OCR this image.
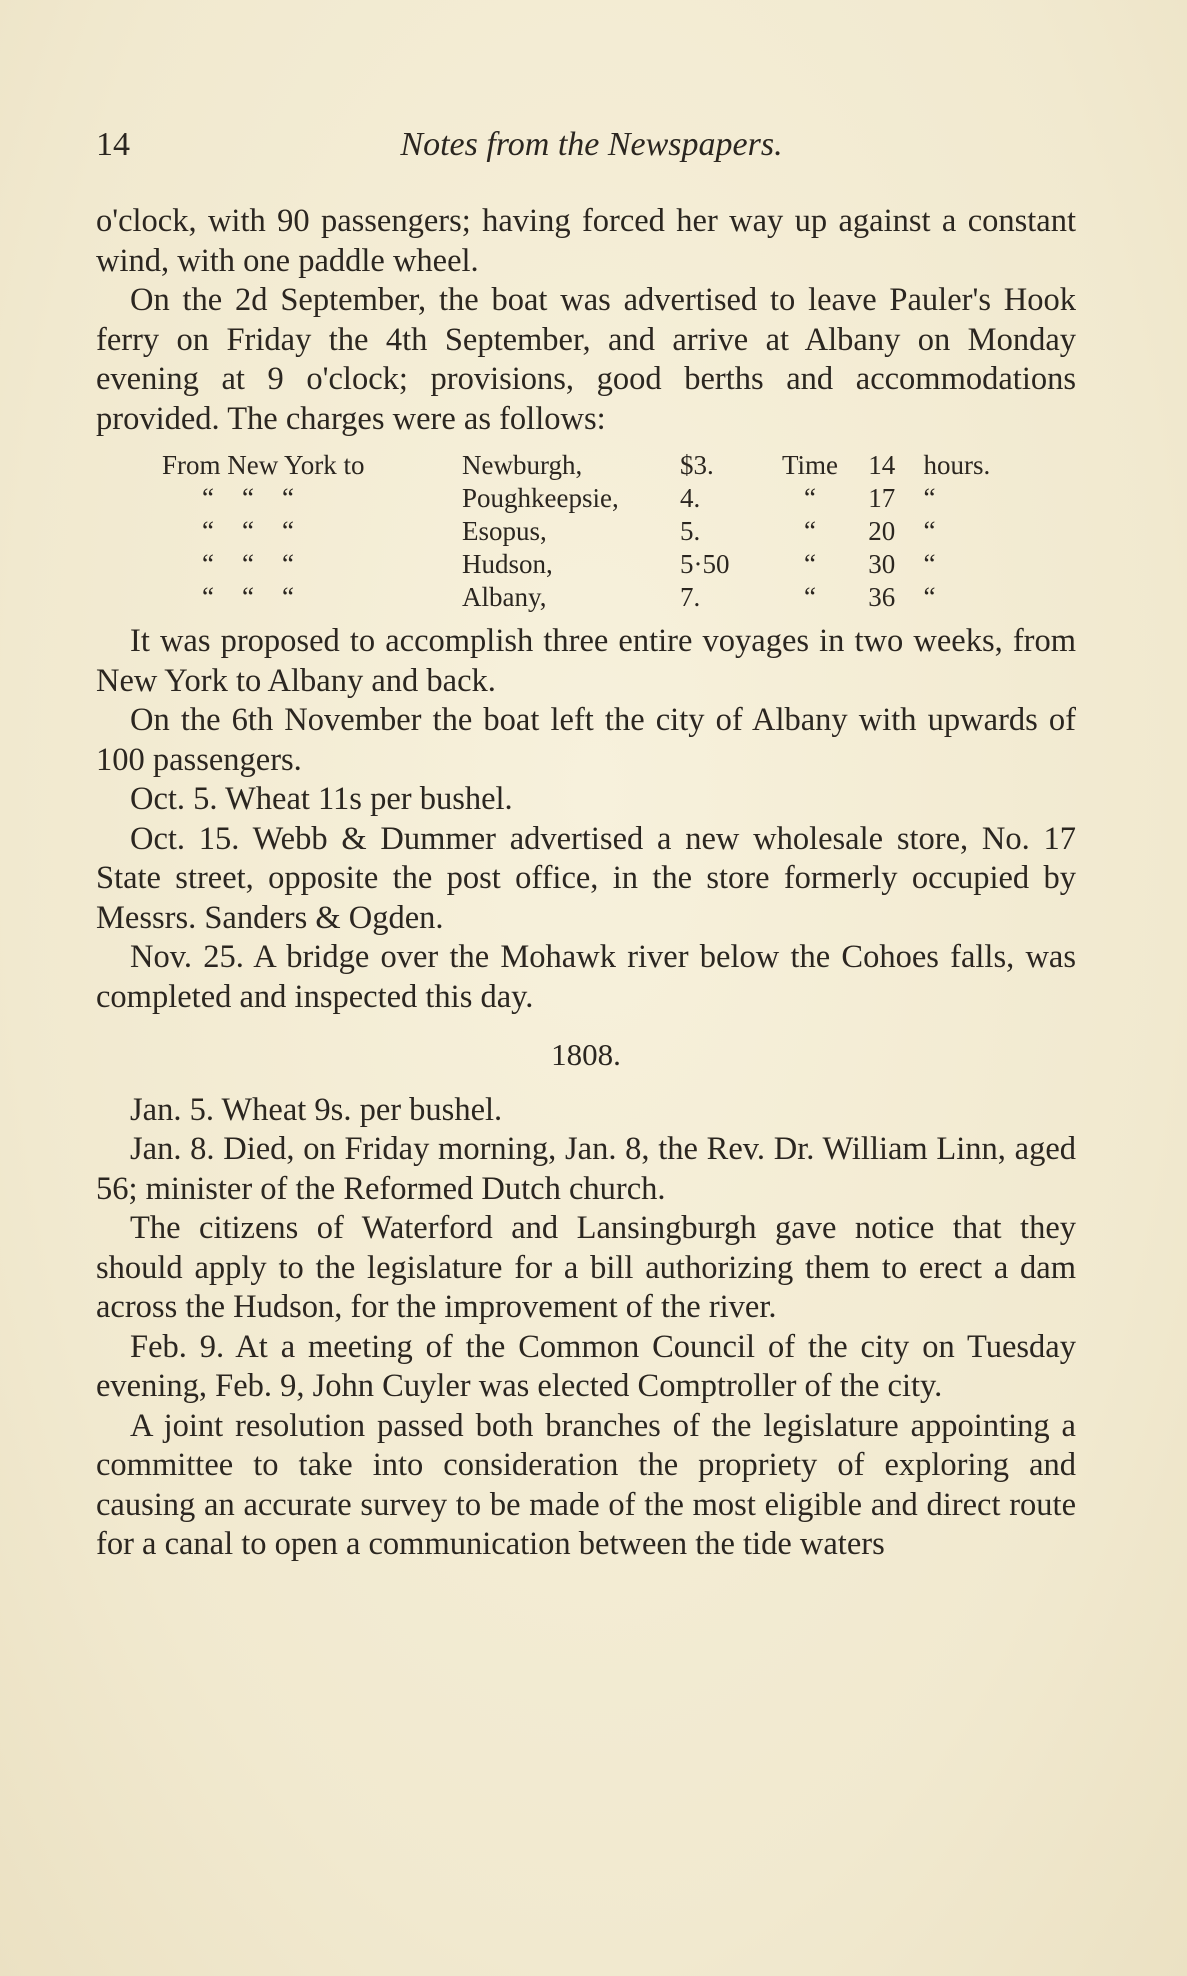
14	Notes from the Newspapers.

o'clock, with 90 passengers; having forced her way up against a constant wind, with one paddle wheel.

On the 2d September, the boat was advertised to leave Pauler's Hook ferry on Friday the 4th September, and arrive at Albany on Monday evening at 9 o'clock; provisions, good berths and accommodations provided. The charges were as follows:

From New York to	Newburgh,	$3.	Time 14 hours.
“ “ “	Poughkeepsie,	4.	“ 17 “
“ “ “	Esopus,	5.	“ 20 “
“ “ “	Hudson,	5·50	“ 30 “
“ “ “	Albany,	7.	“ 36 “

It was proposed to accomplish three entire voyages in two weeks, from New York to Albany and back.

On the 6th November the boat left the city of Albany with upwards of 100 passengers.

Oct. 5. Wheat 11s per bushel.

Oct. 15. Webb & Dummer advertised a new wholesale store, No. 17 State street, opposite the post office, in the store formerly occupied by Messrs. Sanders & Ogden.

Nov. 25. A bridge over the Mohawk river below the Cohoes falls, was completed and inspected this day.

1808.

Jan. 5. Wheat 9s. per bushel.

Jan. 8. Died, on Friday morning, Jan. 8, the Rev. Dr. William Linn, aged 56; minister of the Reformed Dutch church.

The citizens of Waterford and Lansingburgh gave notice that they should apply to the legislature for a bill authorizing them to erect a dam across the Hudson, for the improvement of the river.

Feb. 9. At a meeting of the Common Council of the city on Tuesday evening, Feb. 9, John Cuyler was elected Comptroller of the city.

A joint resolution passed both branches of the legislature appointing a committee to take into consideration the propriety of exploring and causing an accurate survey to be made of the most eligible and direct route for a canal to open a communication between the tide waters
